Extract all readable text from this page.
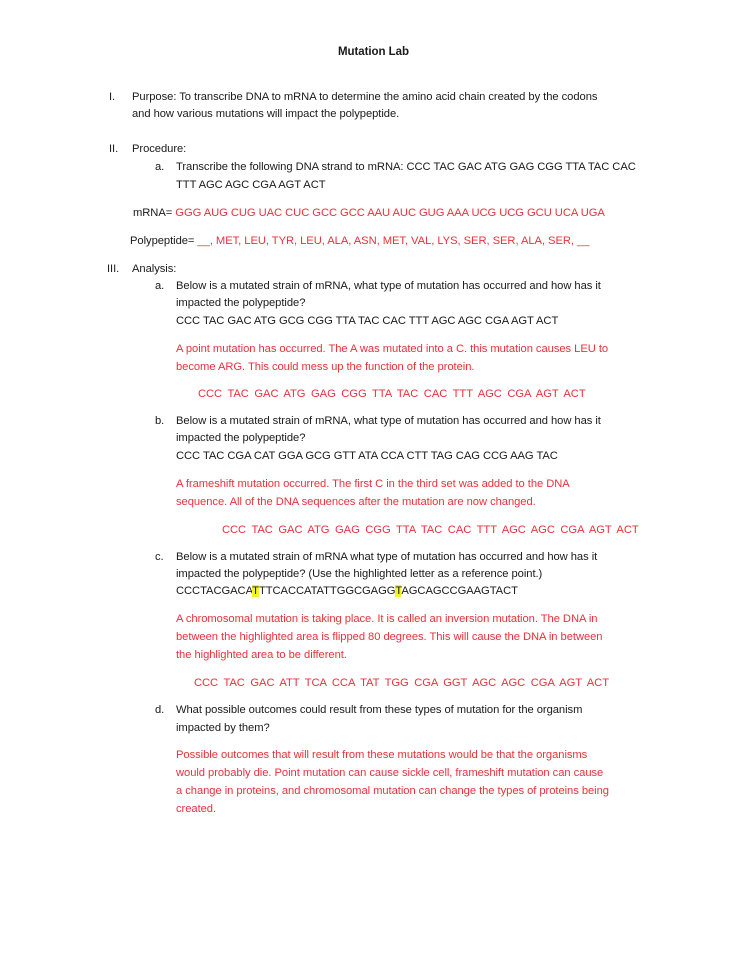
Mutation Lab
I. Purpose: To transcribe DNA to mRNA to determine the amino acid chain created by the codons
and how various mutations will impact the polypeptide.
II. Procedure:
a. Transcribe the following DNA strand to mRNA: CCC TAC GAC ATG GAG CGG TTA TAC CAC
TTT AGC AGC CGA AGT ACT
mRNA= GGG AUG CUG UAC CUC GCC GCC AAU AUC GUG AAA UCG UCG GCU UCA UGA
Polypeptide= __, MET, LEU, TYR, LEU, ALA, ASN, MET, VAL, LYS, SER, SER, ALA, SER, __
III. Analysis:
a. Below is a mutated strain of mRNA, what type of mutation has occurred and how has it
impacted the polypeptide?
CCC TAC GAC ATG GCG CGG TTA TAC CAC TTT AGC AGC CGA AGT ACT
A point mutation has occurred. The A was mutated into a C. this mutation causes LEU to
become ARG. This could mess up the function of the protein.
CCC TAC GAC ATG GAG CGG TTA TAC CAC TTT AGC CGA AGT ACT
b. Below is a mutated strain of mRNA, what type of mutation has occurred and how has it
impacted the polypeptide?
CCC TAC CGA CAT GGA GCG GTT ATA CCA CTT TAG CAG CCG AAG TAC
A frameshift mutation occurred. The first C in the third set was added to the DNA
sequence. All of the DNA sequences after the mutation are now changed.
CCC TAC GAC ATG GAG CGG TTA TAC CAC TTT AGC AGC CGA AGT ACT
c. Below is a mutated strain of mRNA what type of mutation has occurred and how has it
impacted the polypeptide? (Use the highlighted letter as a reference point.)
CCCTACGACATTTCACCATATTGGCGAGGTAGCAGCCGAAGTACT
A chromosomal mutation is taking place. It is called an inversion mutation. The DNA in
between the highlighted area is flipped 80 degrees. This will cause the DNA in between
the highlighted area to be different.
CCC TAC GAC ATT TCA CCA TAT TGG CGA GGT AGC AGC CGA AGT ACT
d. What possible outcomes could result from these types of mutation for the organism
impacted by them?
Possible outcomes that will result from these mutations would be that the organisms
would probably die. Point mutation can cause sickle cell, frameshift mutation can cause
a change in proteins, and chromosomal mutation can change the types of proteins being
created.
